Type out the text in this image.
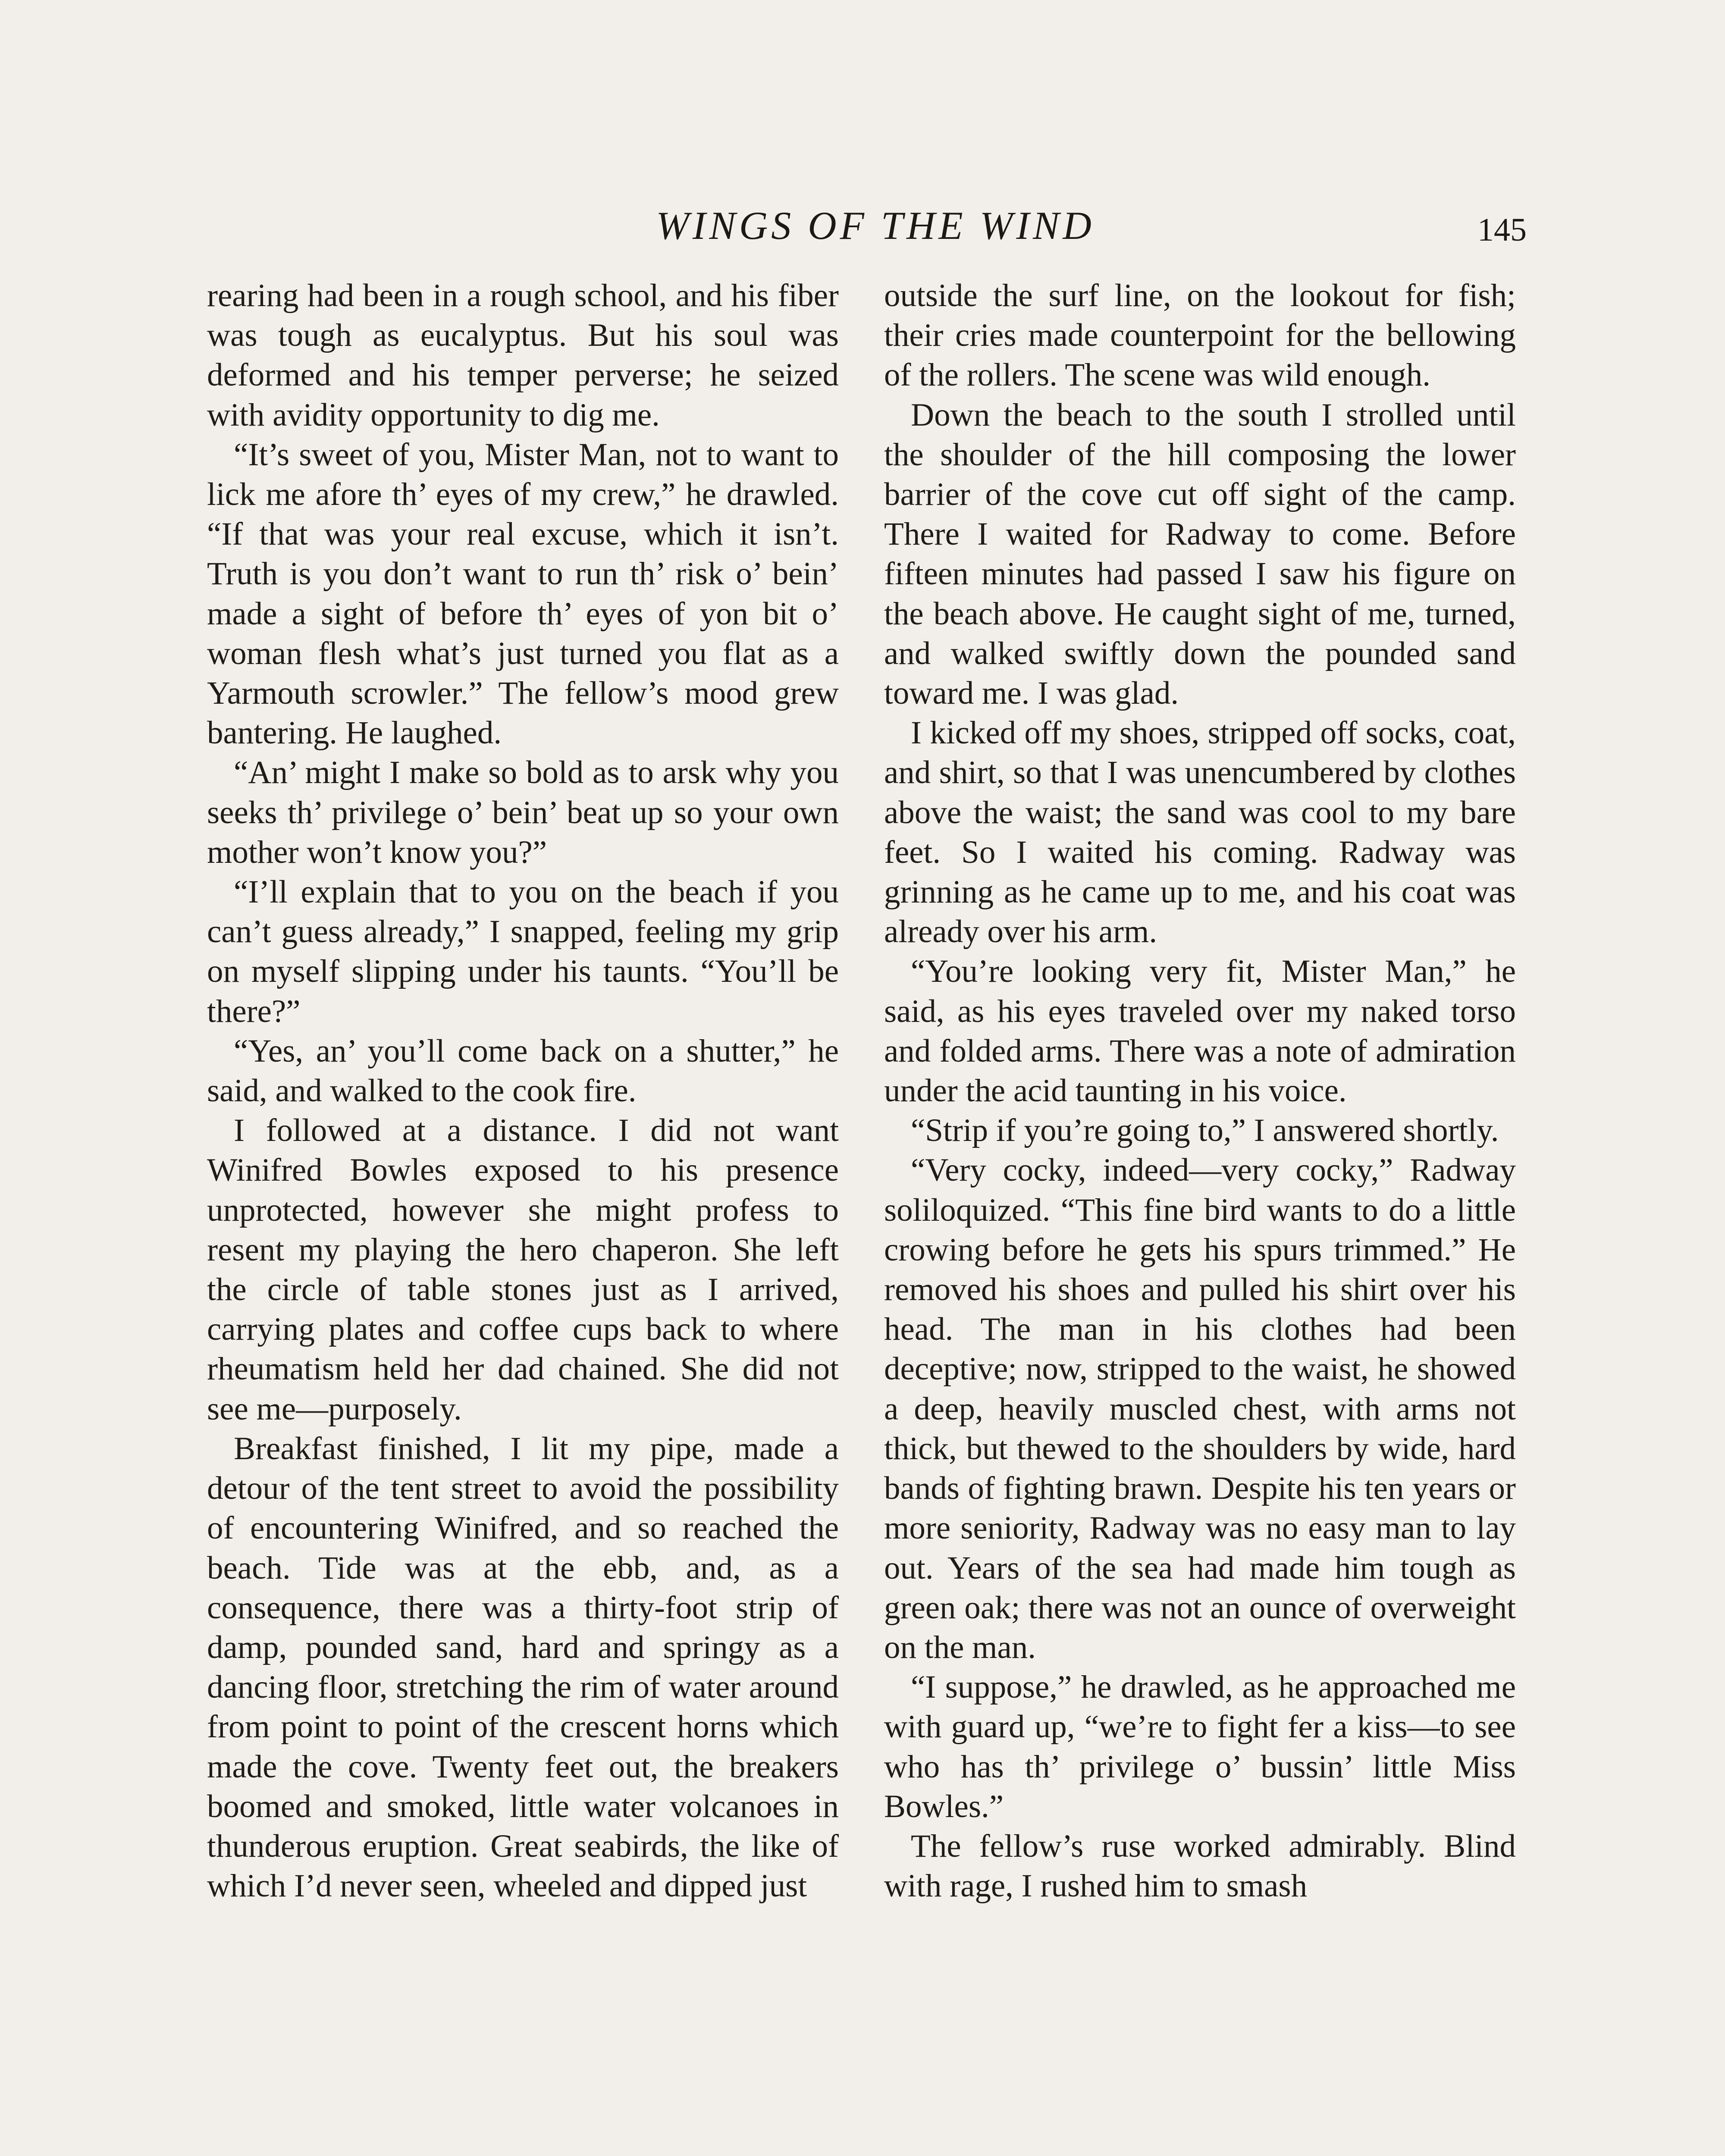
WINGS OF THE WIND	145

rearing had been in a rough school, and his fiber was tough as eucalyptus. But his soul was deformed and his temper perverse; he seized with avidity opportunity to dig me.

“It’s sweet of you, Mister Man, not to want to lick me afore th’ eyes of my crew,” he drawled. “If that was your real excuse, which it isn’t. Truth is you don’t want to run th’ risk o’ bein’ made a sight of before th’ eyes of yon bit o’ woman flesh what’s just turned you flat as a Yarmouth scrowler.” The fellow’s mood grew bantering. He laughed.

“An’ might I make so bold as to arsk why you seeks th’ privilege o’ bein’ beat up so your own mother won’t know you?”

“I’ll explain that to you on the beach if you can’t guess already,” I snapped, feeling my grip on myself slipping under his taunts. “You’ll be there?”

“Yes, an’ you’ll come back on a shutter,” he said, and walked to the cook fire.

I followed at a distance. I did not want Winifred Bowles exposed to his presence unprotected, however she might profess to resent my playing the hero chaperon. She left the circle of table stones just as I arrived, carrying plates and coffee cups back to where rheumatism held her dad chained. She did not see me—purposely.

Breakfast finished, I lit my pipe, made a detour of the tent street to avoid the possibility of encountering Winifred, and so reached the beach. Tide was at the ebb, and, as a consequence, there was a thirty-foot strip of damp, pounded sand, hard and springy as a dancing floor, stretching the rim of water around from point to point of the crescent horns which made the cove. Twenty feet out, the breakers boomed and smoked, little water volcanoes in thunderous eruption. Great seabirds, the like of which I’d never seen, wheeled and dipped just

outside the surf line, on the lookout for fish; their cries made counterpoint for the bellowing of the rollers. The scene was wild enough.

Down the beach to the south I strolled until the shoulder of the hill composing the lower barrier of the cove cut off sight of the camp. There I waited for Radway to come. Before fifteen minutes had passed I saw his figure on the beach above. He caught sight of me, turned, and walked swiftly down the pounded sand toward me. I was glad.

I kicked off my shoes, stripped off socks, coat, and shirt, so that I was unencumbered by clothes above the waist; the sand was cool to my bare feet. So I waited his coming. Radway was grinning as he came up to me, and his coat was already over his arm.

“You’re looking very fit, Mister Man,” he said, as his eyes traveled over my naked torso and folded arms. There was a note of admiration under the acid taunting in his voice.

“Strip if you’re going to,” I answered shortly.

“Very cocky, indeed—very cocky,” Radway soliloquized. “This fine bird wants to do a little crowing before he gets his spurs trimmed.” He removed his shoes and pulled his shirt over his head. The man in his clothes had been deceptive; now, stripped to the waist, he showed a deep, heavily muscled chest, with arms not thick, but thewed to the shoulders by wide, hard bands of fighting brawn. Despite his ten years or more seniority, Radway was no easy man to lay out. Years of the sea had made him tough as green oak; there was not an ounce of overweight on the man.

“I suppose,” he drawled, as he approached me with guard up, “we’re to fight fer a kiss—to see who has th’ privilege o’ bussin’ little Miss Bowles.”

The fellow’s ruse worked admirably. Blind with rage, I rushed him to smash
